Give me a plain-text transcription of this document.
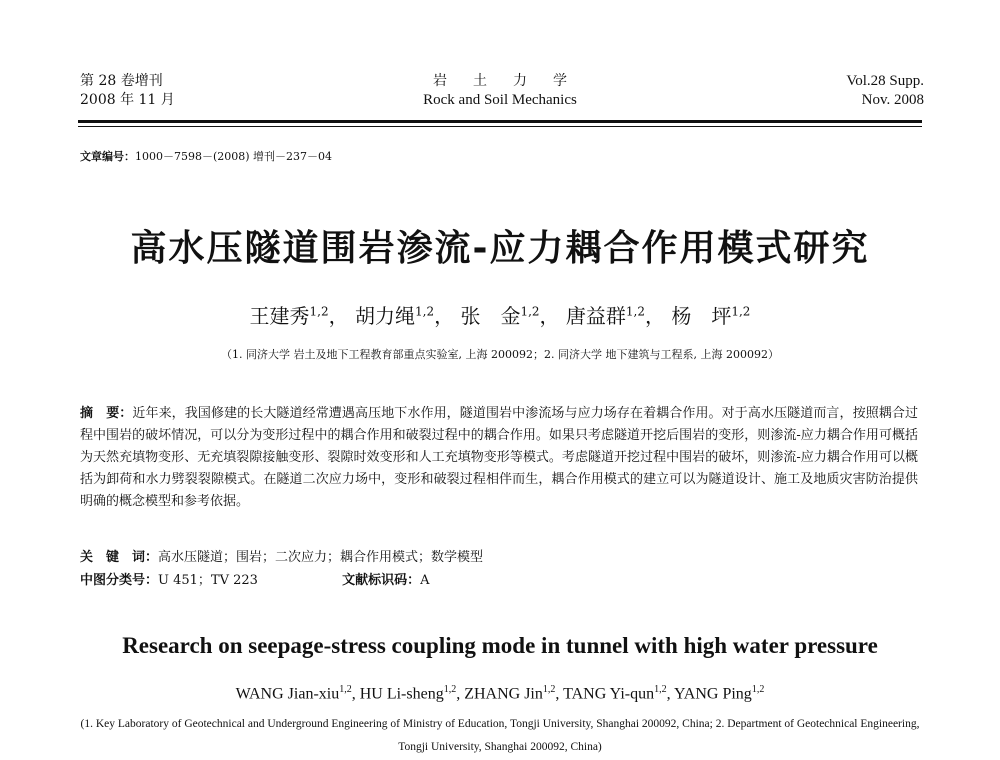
第 28 卷增刊
2008 年 11 月
岩土力学
Rock and Soil Mechanics
Vol.28 Supp.
Nov. 2008
文章编号：1000－7598－(2008) 增刊－237－04
高水压隧道围岩渗流-应力耦合作用模式研究
王建秀$^{1,2}$， 胡力绳$^{1,2}$， 张　金$^{1,2}$， 唐益群$^{1,2}$， 杨　坪$^{1,2}$
（1. 同济大学 岩土及地下工程教育部重点实验室, 上海 200092；2. 同济大学 地下建筑与工程系, 上海 200092）
摘　要：近年来，我国修建的长大隧道经常遭遇高压地下水作用，隧道围岩中渗流场与应力场存在着耦合作用。对于高水压隧道而言，按照耦合过程中围岩的破坏情况，可以分为变形过程中的耦合作用和破裂过程中的耦合作用。如果只考虑隧道开挖后围岩的变形，则渗流-应力耦合作用可概括为天然充填物变形、无充填裂隙接触变形、裂隙时效变形和人工充填物变形等模式。考虑隧道开挖过程中围岩的破坏，则渗流-应力耦合作用可以概括为卸荷和水力劈裂裂隙模式。在隧道二次应力场中，变形和破裂过程相伴而生，耦合作用模式的建立可以为隧道设计、施工及地质灾害防治提供明确的概念模型和参考依据。
关　键　词：高水压隧道；围岩；二次应力；耦合作用模式；数学模型
中图分类号：U 451；TV 223	文献标识码：A
Research on seepage-stress coupling mode in tunnel with high water pressure
WANG Jian-xiu$^{1,2}$, HU Li-sheng$^{1,2}$, ZHANG Jin$^{1,2}$, TANG Yi-qun$^{1,2}$, YANG Ping$^{1,2}$
(1. Key Laboratory of Geotechnical and Underground Engineering of Ministry of Education, Tongji University, Shanghai 200092, China; 2. Department of Geotechnical Engineering, Tongji University, Shanghai 200092, China)
